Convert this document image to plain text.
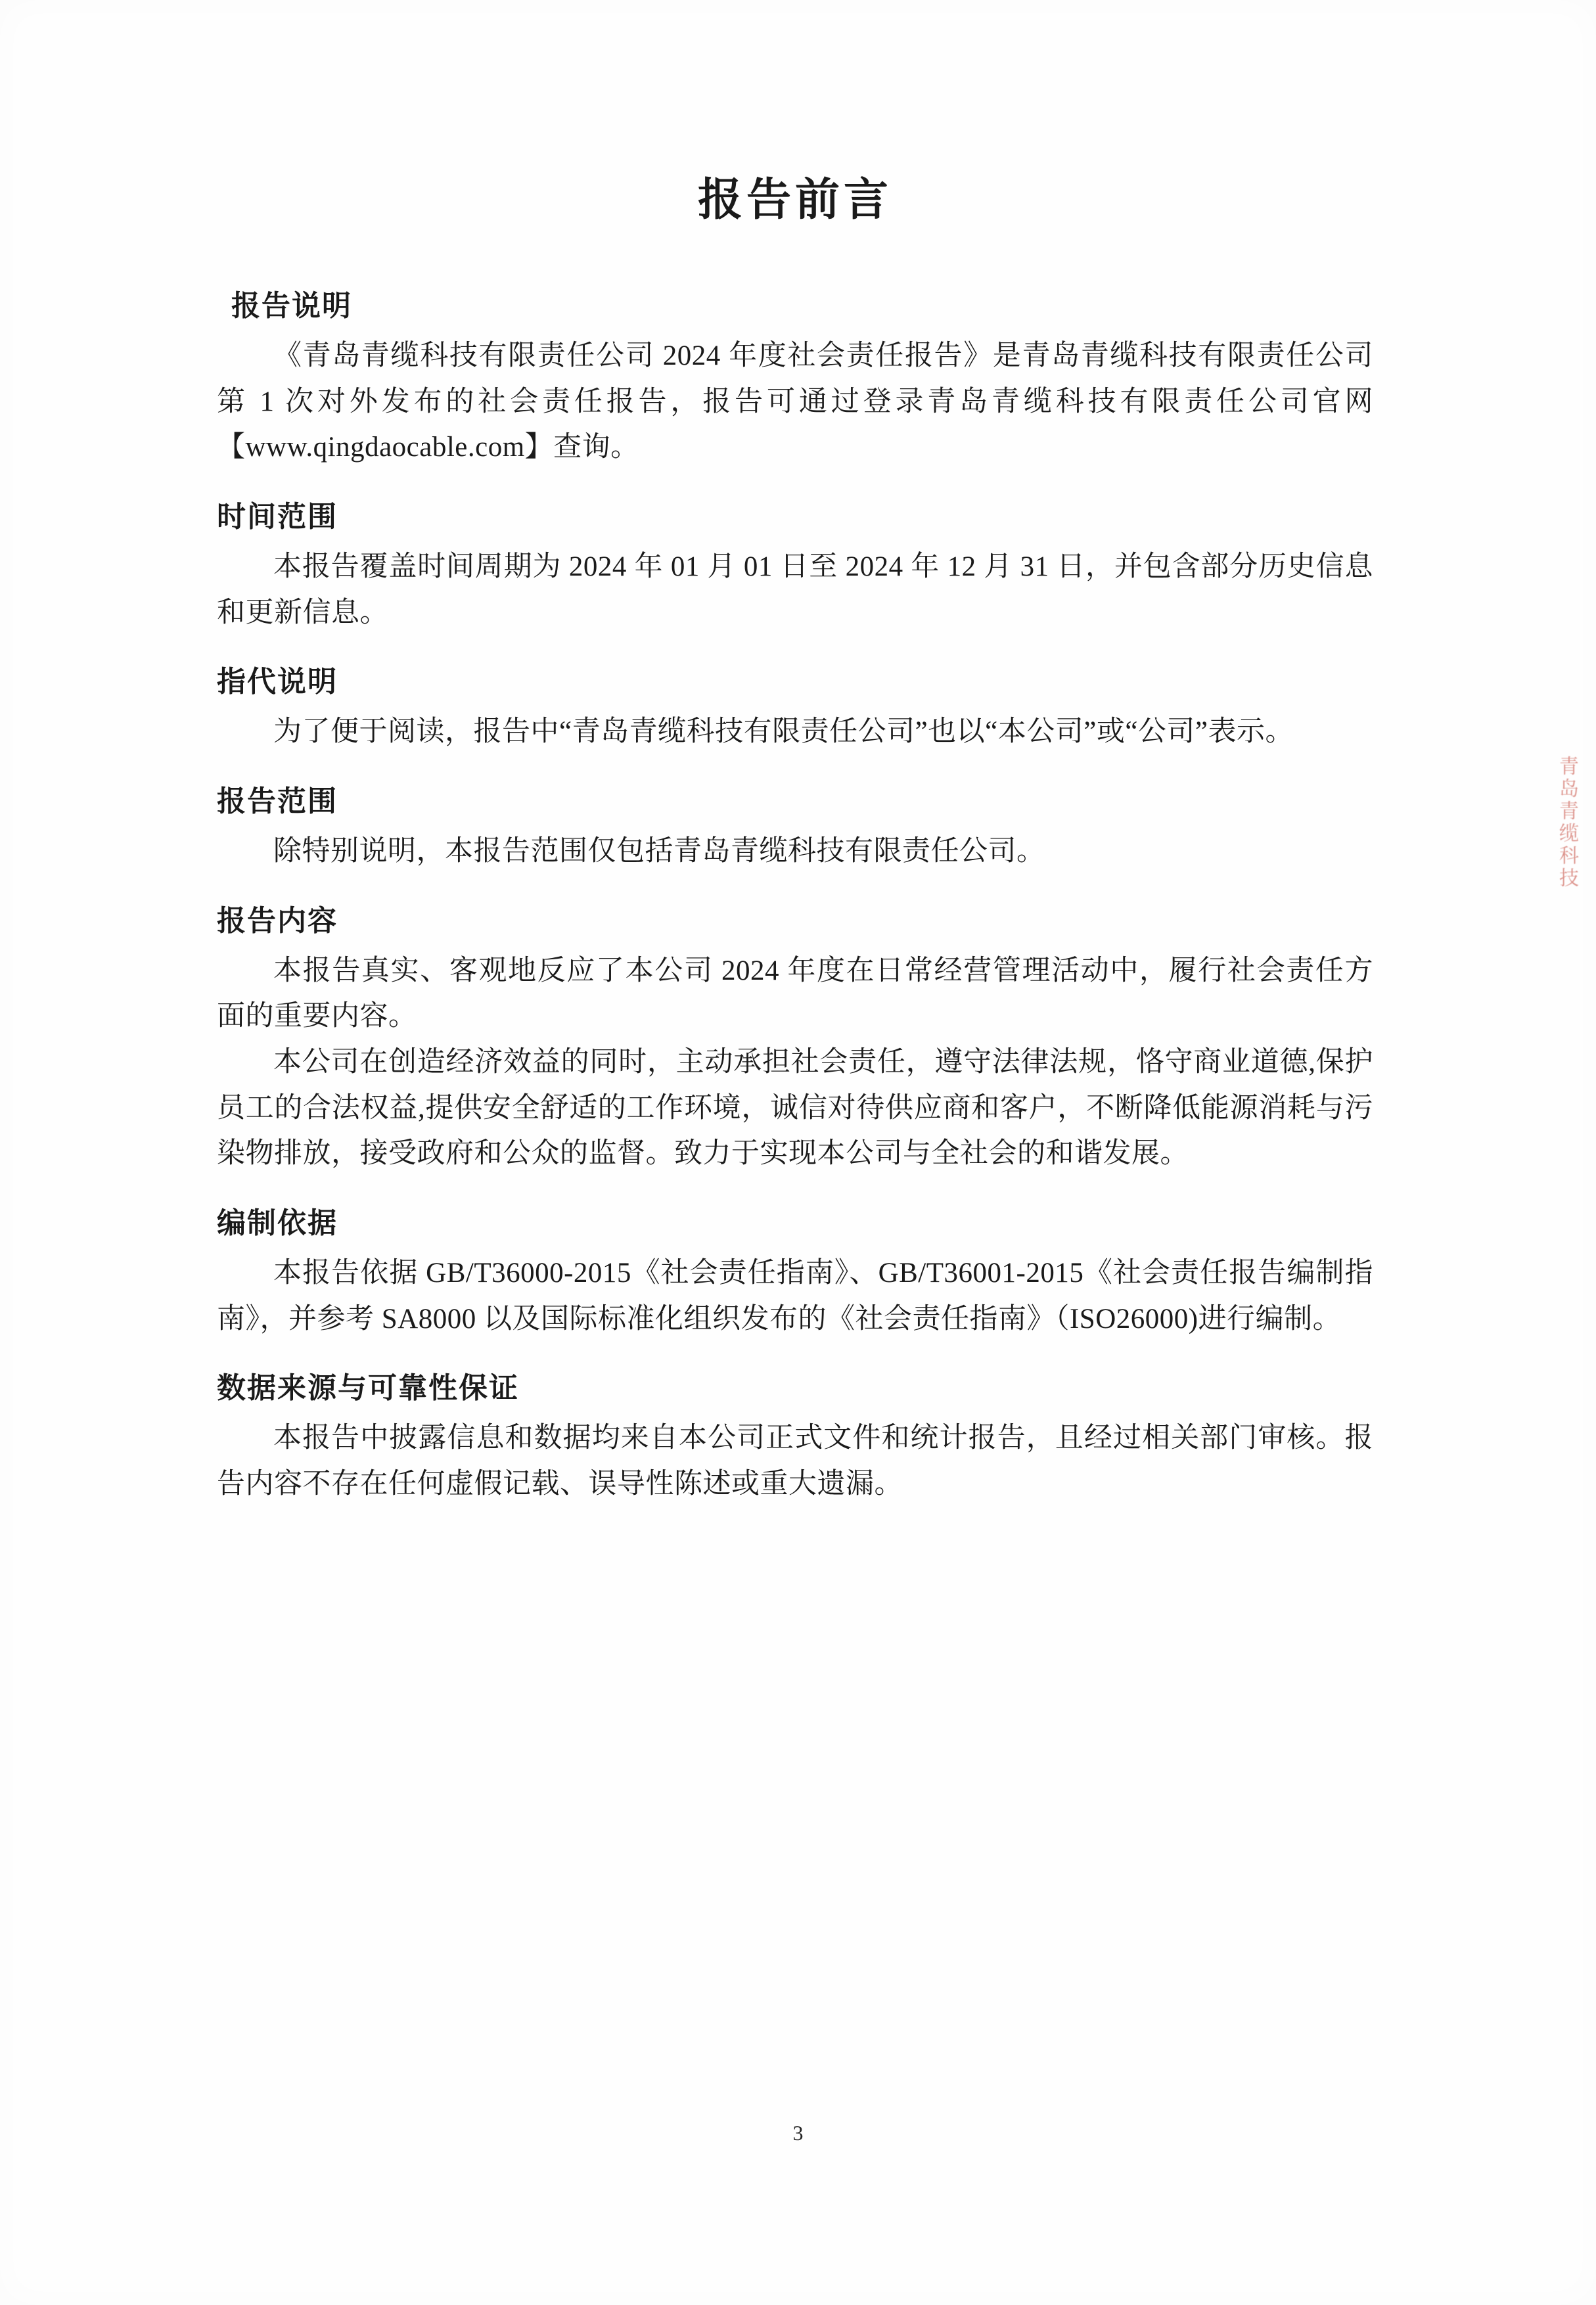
报告前言
报告说明

《青岛青缆科技有限责任公司 2024 年度社会责任报告》是青岛青缆科技有限责任公司第 1 次对外发布的社会责任报告，报告可通过登录青岛青缆科技有限责任公司官网【www.qingdaocable.com】查询。

时间范围

本报告覆盖时间周期为 2024 年 01 月 01 日至 2024 年 12 月 31 日，并包含部分历史信息和更新信息。

指代说明

为了便于阅读，报告中“青岛青缆科技有限责任公司”也以“本公司”或“公司”表示。

报告范围

除特别说明，本报告范围仅包括青岛青缆科技有限责任公司。

报告内容

本报告真实、客观地反应了本公司 2024 年度在日常经营管理活动中，履行社会责任方面的重要内容。

本公司在创造经济效益的同时，主动承担社会责任，遵守法律法规，恪守商业道德,保护员工的合法权益,提供安全舒适的工作环境，诚信对待供应商和客户，不断降低能源消耗与污染物排放，接受政府和公众的监督。致力于实现本公司与全社会的和谐发展。

编制依据

本报告依据 GB/T36000-2015《社会责任指南》、GB/T36001-2015《社会责任报告编制指南》，并参考 SA8000 以及国际标准化组织发布的《社会责任指南》（ISO26000)进行编制。

数据来源与可靠性保证

本报告中披露信息和数据均来自本公司正式文件和统计报告，且经过相关部门审核。报告内容不存在任何虚假记载、误导性陈述或重大遗漏。

青岛青缆科技
3
